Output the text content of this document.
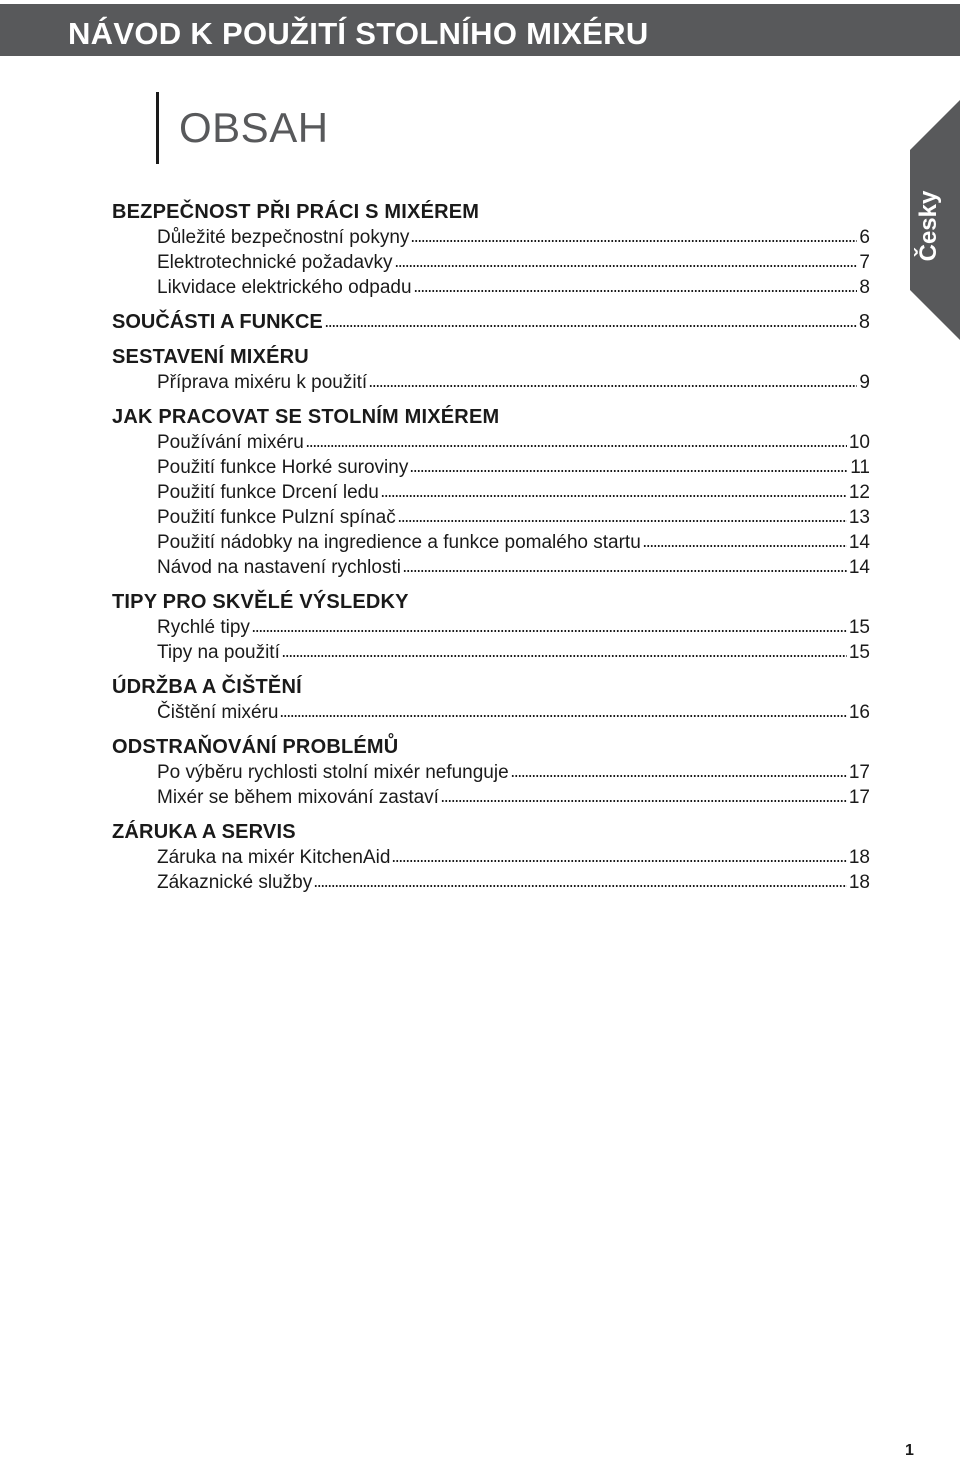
NÁVOD K POUŽITÍ STOLNÍHO MIXÉRU
OBSAH
Česky
BEZPEČNOST PŘI PRÁCI S MIXÉREM
Důležité bezpečnostní pokyny	6
Elektrotechnické požadavky	7
Likvidace elektrického odpadu	8
SOUČÁSTI A FUNKCE	8
SESTAVENÍ MIXÉRU
Příprava mixéru k použití	9
JAK PRACOVAT SE STOLNÍM MIXÉREM
Používání mixéru	10
Použití funkce Horké suroviny	11
Použití funkce Drcení ledu	12
Použití funkce Pulzní spínač	13
Použití nádobky na ingredience a funkce pomalého startu	14
Návod na nastavení rychlosti	14
TIPY PRO SKVĚLÉ VÝSLEDKY
Rychlé tipy	15
Tipy na použití	15
ÚDRŽBA A ČIŠTĚNÍ
Čištění mixéru	16
ODSTRAŇOVÁNÍ PROBLÉMŮ
Po výběru rychlosti stolní mixér nefunguje	17
Mixér se během mixování zastaví	17
ZÁRUKA A SERVIS
Záruka na mixér KitchenAid	18
Zákaznické služby	18
1
